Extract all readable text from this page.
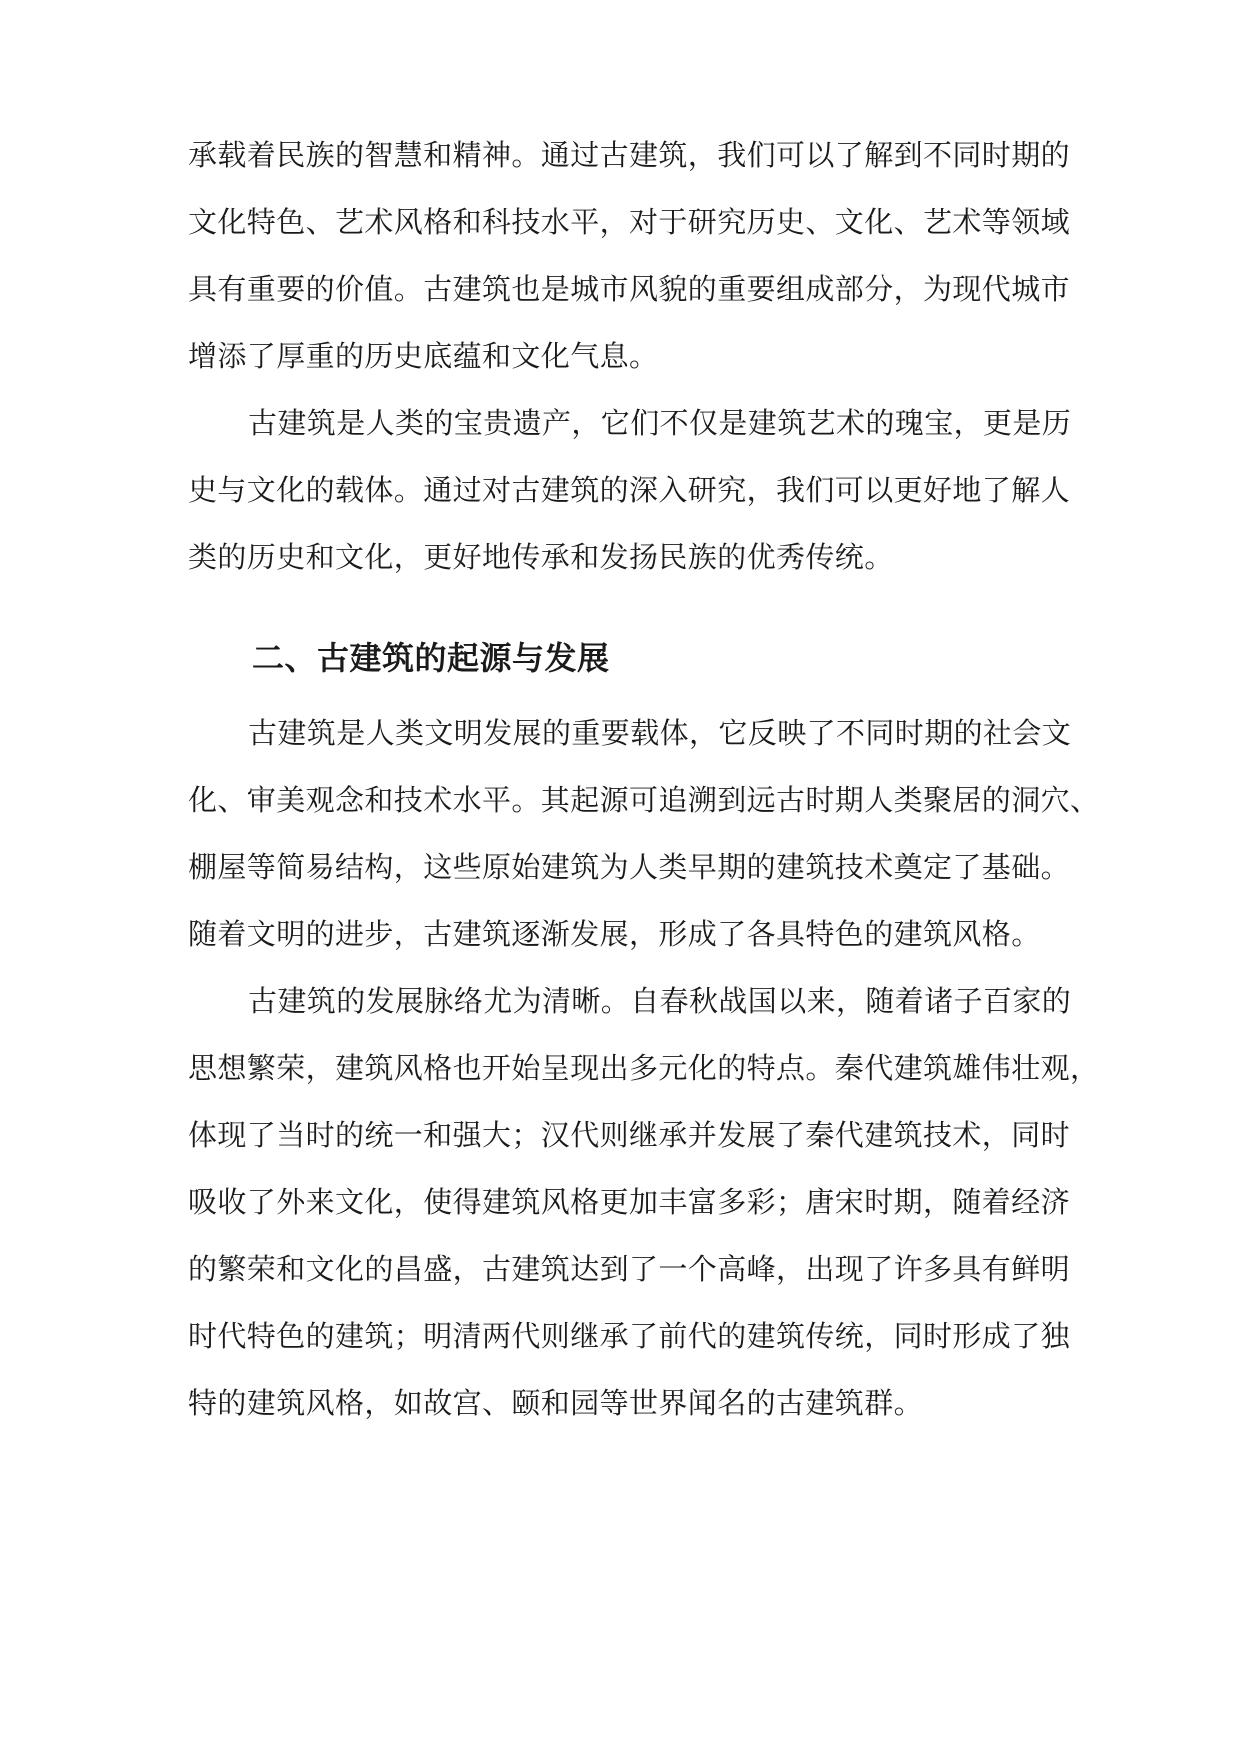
承载着民族的智慧和精神。通过古建筑，我们可以了解到不同时期的
文化特色、艺术风格和科技水平，对于研究历史、文化、艺术等领域
具有重要的价值。古建筑也是城市风貌的重要组成部分，为现代城市
增添了厚重的历史底蕴和文化气息。
古建筑是人类的宝贵遗产，它们不仅是建筑艺术的瑰宝，更是历
史与文化的载体。通过对古建筑的深入研究，我们可以更好地了解人
类的历史和文化，更好地传承和发扬民族的优秀传统。
二、古建筑的起源与发展
古建筑是人类文明发展的重要载体，它反映了不同时期的社会文
化、审美观念和技术水平。其起源可追溯到远古时期人类聚居的洞穴、
棚屋等简易结构，这些原始建筑为人类早期的建筑技术奠定了基础。
随着文明的进步，古建筑逐渐发展，形成了各具特色的建筑风格。
古建筑的发展脉络尤为清晰。自春秋战国以来，随着诸子百家的
思想繁荣，建筑风格也开始呈现出多元化的特点。秦代建筑雄伟壮观，
体现了当时的统一和强大；汉代则继承并发展了秦代建筑技术，同时
吸收了外来文化，使得建筑风格更加丰富多彩；唐宋时期，随着经济
的繁荣和文化的昌盛，古建筑达到了一个高峰，出现了许多具有鲜明
时代特色的建筑；明清两代则继承了前代的建筑传统，同时形成了独
特的建筑风格，如故宫、颐和园等世界闻名的古建筑群。
